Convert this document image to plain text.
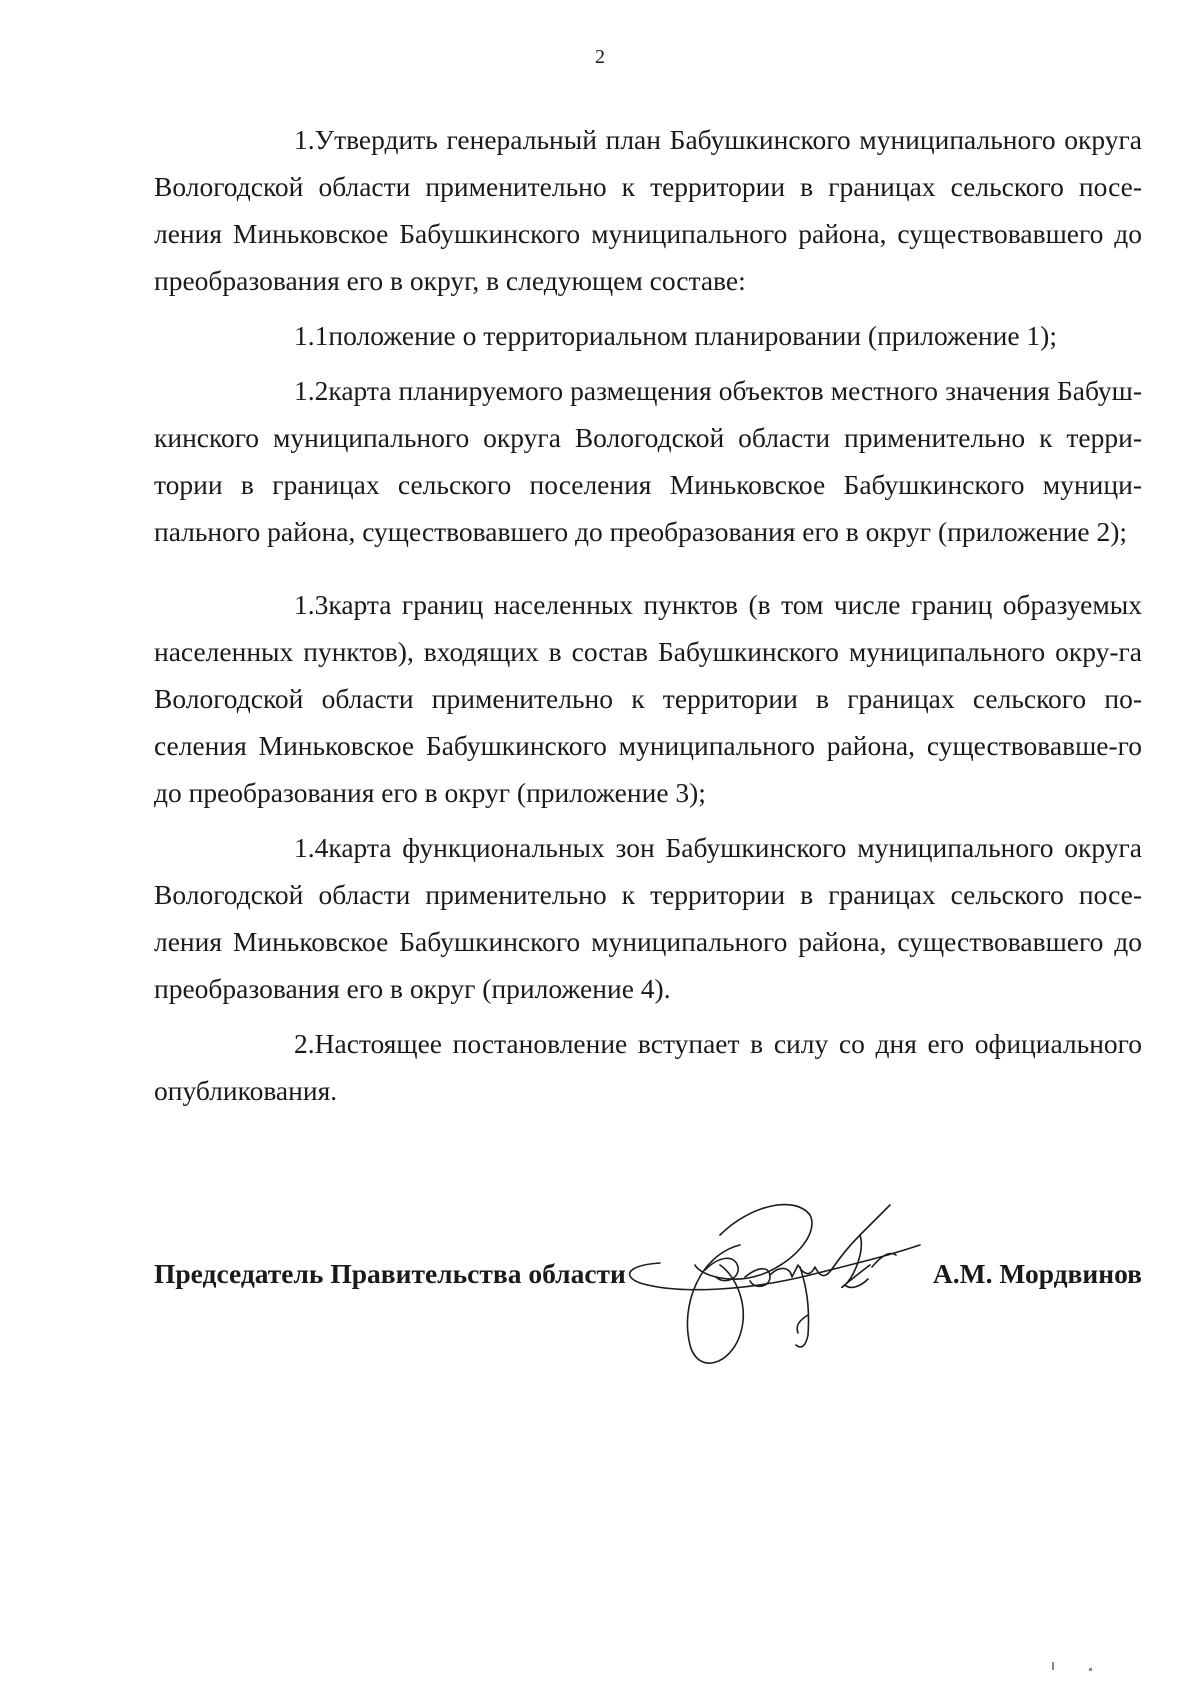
2

1.Утвердить генеральный план Бабушкинского муниципального округа Вологодской области применительно к территории в границах сельского посе-ления Миньковское Бабушкинского муниципального района, существовавшего до преобразования его в округ, в следующем составе:

1.1положение о территориальном планировании (приложение 1);

1.2карта планируемого размещения объектов местного значения Бабуш-кинского муниципального округа Вологодской области применительно к терри-тории в границах сельского поселения Миньковское Бабушкинского муници-пального района, существовавшего до преобразования его в округ (приложение 2);

1.3карта границ населенных пунктов (в том числе границ образуемых населенных пунктов), входящих в состав Бабушкинского муниципального окру-га Вологодской области применительно к территории в границах сельского по-селения Миньковское Бабушкинского муниципального района, существовавше-го до преобразования его в округ (приложение 3);

1.4карта функциональных зон Бабушкинского муниципального округа Вологодской области применительно к территории в границах сельского посе-ления Миньковское Бабушкинского муниципального района, существовавшего до преобразования его в округ (приложение 4).

2.Настоящее постановление вступает в силу со дня его официального опубликования.

Председатель Правительства области	А.М. Мордвинов
